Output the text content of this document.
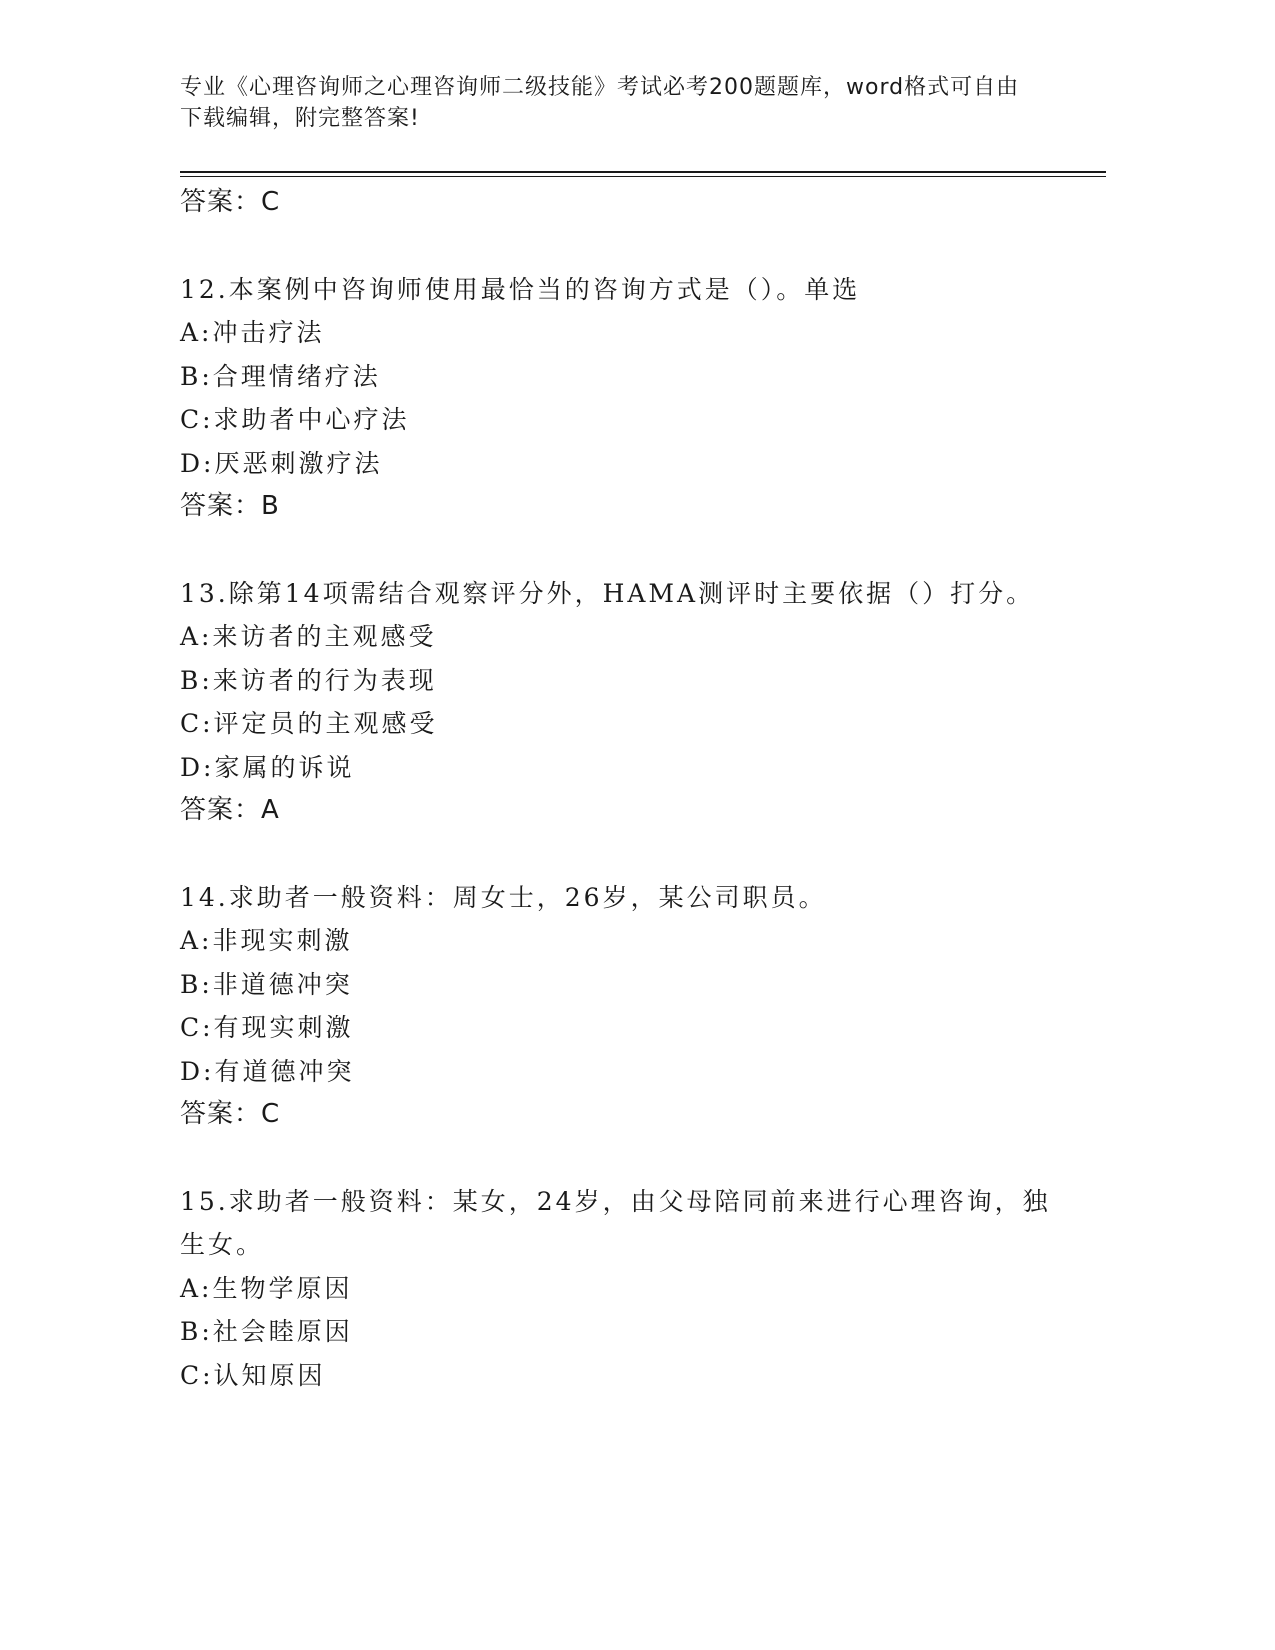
专业《心理咨询师之心理咨询师二级技能》考试必考200题题库，word格式可自由下载编辑，附完整答案!
答案：C
12.本案例中咨询师使用最恰当的咨询方式是（）。单选
A:冲击疗法
B:合理情绪疗法
C:求助者中心疗法
D:厌恶刺激疗法
答案：B
13.除第14项需结合观察评分外，HAMA测评时主要依据（）打分。
A:来访者的主观感受
B:来访者的行为表现
C:评定员的主观感受
D:家属的诉说
答案：A
14.求助者一般资料：周女士，26岁，某公司职员。
A:非现实刺激
B:非道德冲突
C:有现实刺激
D:有道德冲突
答案：C
15.求助者一般资料：某女，24岁，由父母陪同前来进行心理咨询，独生女。
A:生物学原因
B:社会睦原因
C:认知原因
